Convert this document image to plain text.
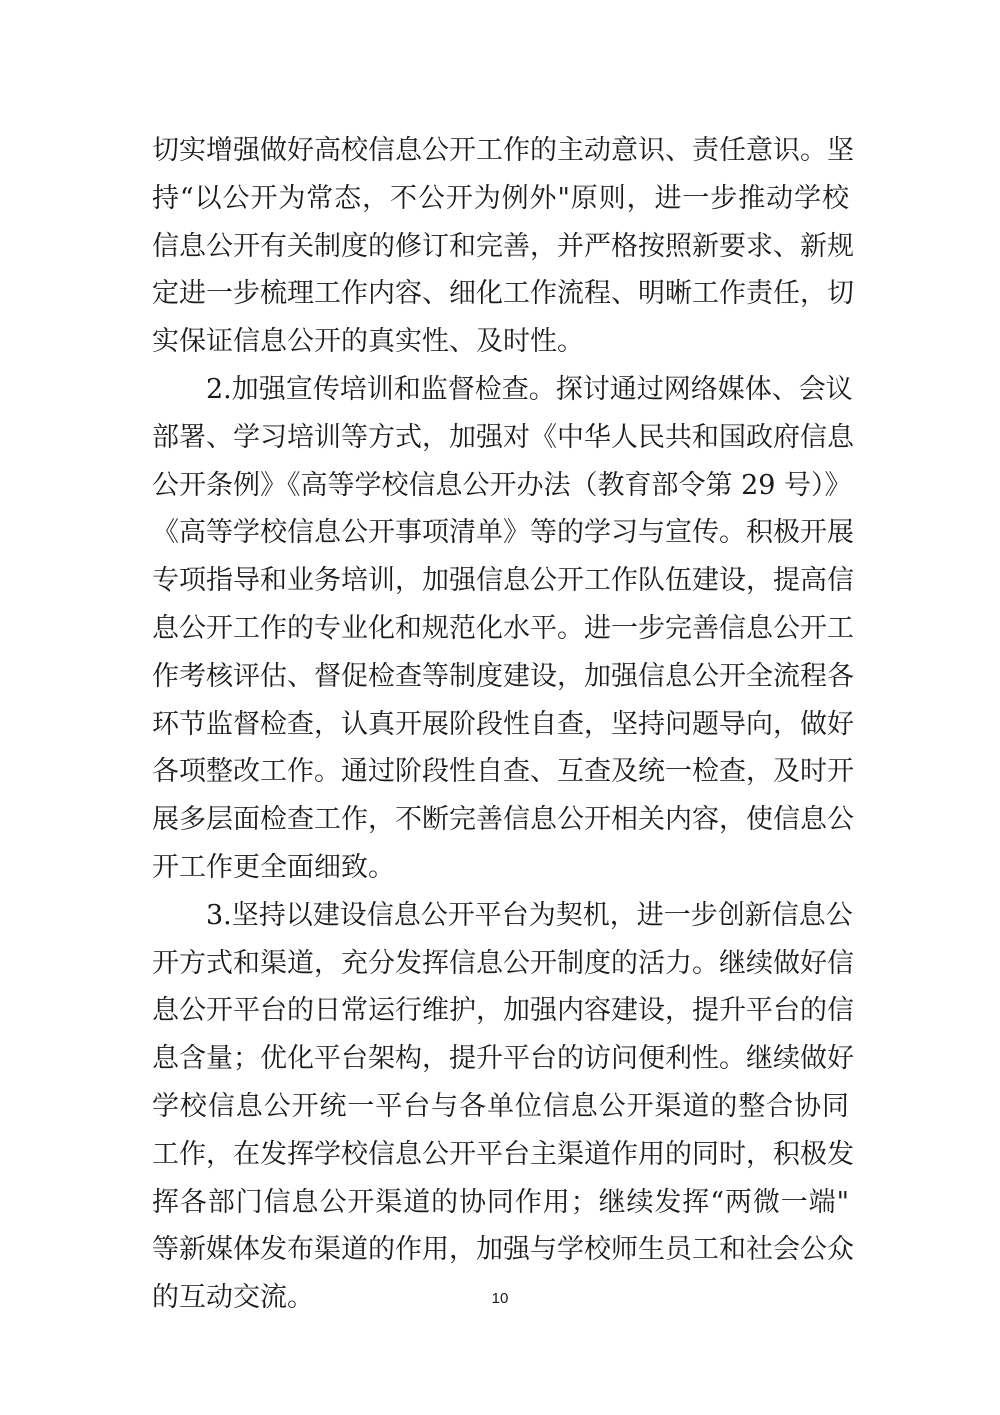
切实增强做好高校信息公开工作的主动意识、责任意识。坚
持“以公开为常态，不公开为例外"原则，进一步推动学校
信息公开有关制度的修订和完善，并严格按照新要求、新规
定进一步梳理工作内容、细化工作流程、明晰工作责任，切
实保证信息公开的真实性、及时性。
2.加强宣传培训和监督检查。探讨通过网络媒体、会议
部署、学习培训等方式，加强对《中华人民共和国政府信息
公开条例》《高等学校信息公开办法（教育部令第 29 号）》
《高等学校信息公开事项清单》等的学习与宣传。积极开展
专项指导和业务培训，加强信息公开工作队伍建设，提高信
息公开工作的专业化和规范化水平。进一步完善信息公开工
作考核评估、督促检查等制度建设，加强信息公开全流程各
环节监督检查，认真开展阶段性自查，坚持问题导向，做好
各项整改工作。通过阶段性自查、互查及统一检查，及时开
展多层面检查工作，不断完善信息公开相关内容，使信息公
开工作更全面细致。
3.坚持以建设信息公开平台为契机，进一步创新信息公
开方式和渠道，充分发挥信息公开制度的活力。继续做好信
息公开平台的日常运行维护，加强内容建设，提升平台的信
息含量；优化平台架构，提升平台的访问便利性。继续做好
学校信息公开统一平台与各单位信息公开渠道的整合协同
工作，在发挥学校信息公开平台主渠道作用的同时，积极发
挥各部门信息公开渠道的协同作用；继续发挥“两微一端"
等新媒体发布渠道的作用，加强与学校师生员工和社会公众
的互动交流。	10
